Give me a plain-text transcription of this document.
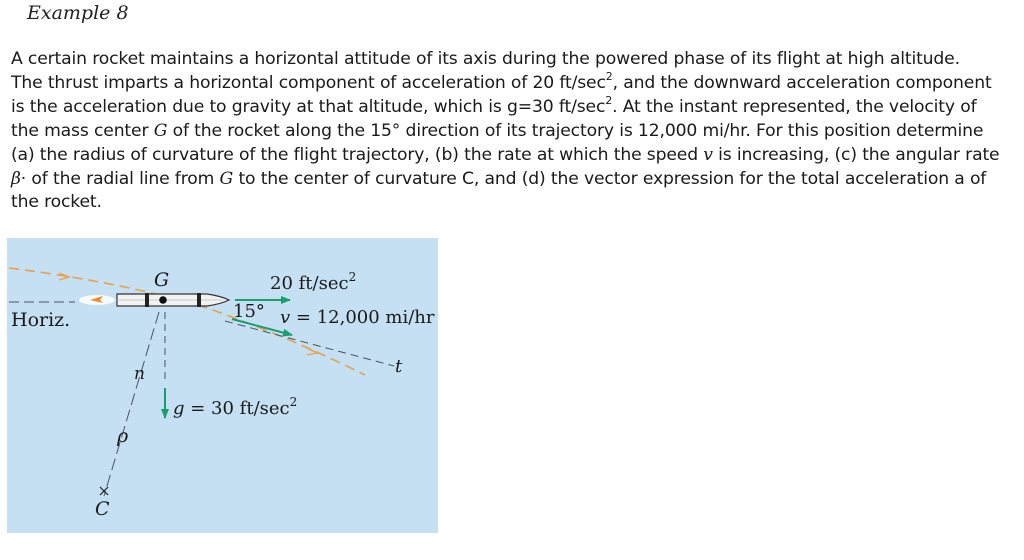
Example 8
A certain rocket maintains a horizontal attitude of its axis during the powered phase of its flight at high altitude.
The thrust imparts a horizontal component of acceleration of 20 $ft/\sec^2$, and the downward acceleration component
is the acceleration due to gravity at that altitude, which is g=30 $ft/\sec^2$. At the instant represented, the velocity of
the mass center G of the rocket along the 15° direction of its trajectory is 12,000 mi/hr. For this position determine
(a) the radius of curvature of the flight trajectory, (b) the rate at which the speed v is increasing, (c) the angular rate
β· of the radial line from G to the center of curvature C, and (d) the vector expression for the total acceleration a of
the rocket.
Horiz.
t
G	20 $ft/\sec^2$
15° v = 12,000 mi/hr
n
ρ
g = 30 $ft/\sec^2$
C
